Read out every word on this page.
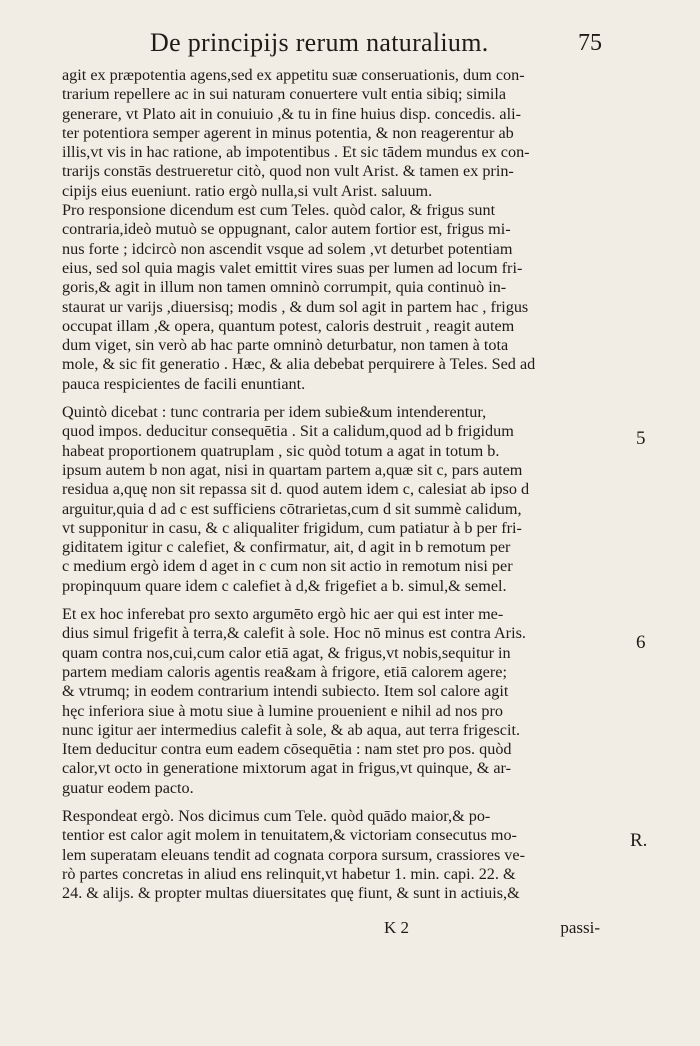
De principijs rerum naturalium.	75
agit ex præpotentia agens,sed ex appetitu suæ conseruationis, dum con-
trarium repellere ac in sui naturam conuertere vult entia sibiq; simila
generare, vt Plato ait in conuiuio ,& tu in fine huius disp. concedis. ali-
ter potentiora semper agerent in minus potentia, & non reagerentur ab
illis,vt vis in hac ratione, ab impotentibus . Et sic tādem mundus ex con-
trarijs constās destrueretur citò, quod non vult Arist. & tamen ex prin-
cipijs eius eueniunt. ratio ergò nulla,si vult Arist. saluum.
Pro responsione dicendum est cum Teles. quòd calor, & frigus sunt
contraria,ideò mutuò se oppugnant, calor autem fortior est, frigus mi-
nus forte ; idcircò non ascendit vsque ad solem ,vt deturbet potentiam
eius, sed sol quia magis valet emittit vires suas per lumen ad locum fri-
goris,& agit in illum non tamen omninò corrumpit, quia continuò in-
staurat ur varijs ,diuersisq; modis , & dum sol agit in partem hac , frigus
occupat illam ,& opera, quantum potest, caloris destruit , reagit autem
dum viget, sin verò ab hac parte omninò deturbatur, non tamen à tota
mole, & sic fit generatio . Hæc, & alia debebat perquirere à Teles. Sed ad
pauca respicientes de facili enuntiant.
Quintò dicebat : tunc contraria per idem subie&um intenderentur,
quod impos. deducitur consequētia . Sit a calidum,quod ad b frigidum
habeat proportionem quatruplam , sic quòd totum a agat in totum b.
ipsum autem b non agat, nisi in quartam partem a,quæ sit c, pars autem
residua a,quę non sit repassa sit d. quod autem idem c, calesiat ab ipso d
arguitur,quia d ad c est sufficiens cōtrarietas,cum d sit summè calidum,
vt supponitur in casu, & c aliqualiter frigidum, cum patiatur à b per fri-
giditatem igitur c calefiet, & confirmatur, ait, d agit in b remotum per
c medium ergò idem d aget in c cum non sit actio in remotum nisi per
propinquum quare idem c calefiet à d,& frigefiet a b. simul,& semel.
Et ex hoc inferebat pro sexto argumēto ergò hic aer qui est inter me-
dius simul frigefit à terra,& calefit à sole. Hoc nō minus est contra Aris.
quam contra nos,cui,cum calor etiā agat, & frigus,vt nobis,sequitur in
partem mediam caloris agentis rea&am à frigore, etiā calorem agere;
& vtrumq; in eodem contrarium intendi subiecto. Item sol calore agit
hęc inferiora siue à motu siue à lumine prouenient e nihil ad nos pro
nunc igitur aer intermedius calefit à sole, & ab aqua, aut terra frigescit.
Item deducitur contra eum eadem cōsequētia : nam stet pro pos. quòd
calor,vt octo in generatione mixtorum agat in frigus,vt quinque, & ar-
guatur eodem pacto.
Respondeat ergò. Nos dicimus cum Tele. quòd quādo maior,& po-
tentior est calor agit molem in tenuitatem,& victoriam consecutus mo-
lem superatam eleuans tendit ad cognata corpora sursum, crassiores ve-
rò partes concretas in aliud ens relinquit,vt habetur 1. min. capi. 22. &
24. & alijs. & propter multas diuersitates quę fiunt, & sunt in actiuis,&
5
6
R.
K 2	passi-
